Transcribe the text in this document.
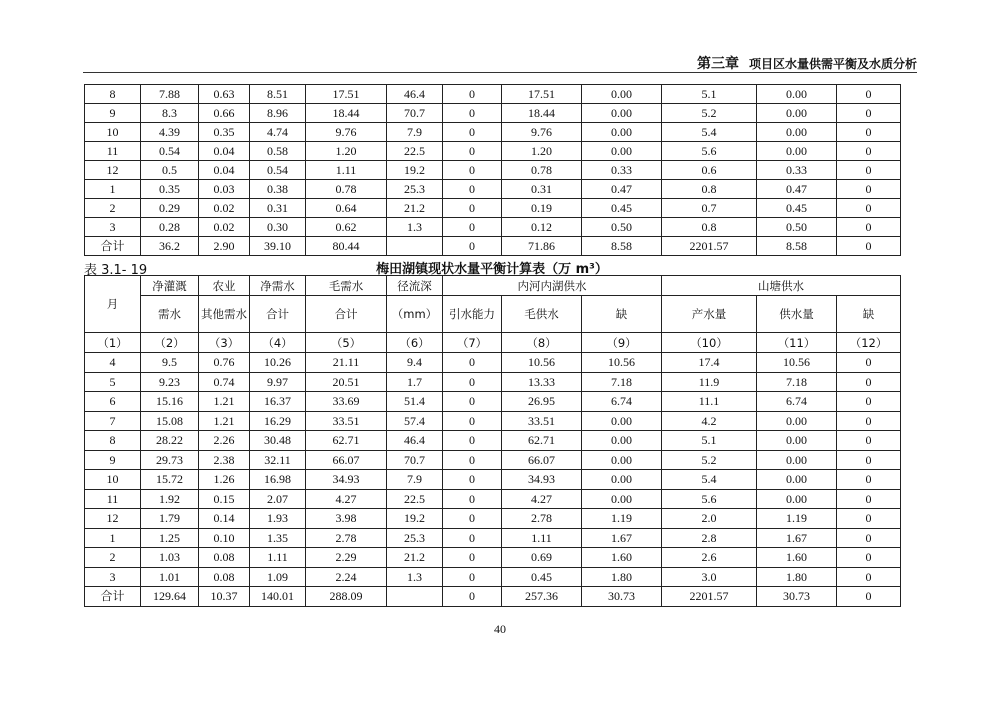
第三章 项目区水量供需平衡及水质分析
8	7.88	0.63	8.51	17.51	46.4	0	17.51	0.00	5.1	0.00	0
9	8.3	0.66	8.96	18.44	70.7	0	18.44	0.00	5.2	0.00	0
10	4.39	0.35	4.74	9.76	7.9	0	9.76	0.00	5.4	0.00	0
11	0.54	0.04	0.58	1.20	22.5	0	1.20	0.00	5.6	0.00	0
12	0.5	0.04	0.54	1.11	19.2	0	0.78	0.33	0.6	0.33	0
1	0.35	0.03	0.38	0.78	25.3	0	0.31	0.47	0.8	0.47	0
2	0.29	0.02	0.31	0.64	21.2	0	0.19	0.45	0.7	0.45	0
3	0.28	0.02	0.30	0.62	1.3	0	0.12	0.50	0.8	0.50	0
合计	36.2	2.90	39.10	80.44		0	71.86	8.58	2201.57	8.58	0
表 3.1- 19	梅田湖镇现状水量平衡计算表（万 m³）
月	净灌溉	农业	净需水	毛需水	径流深	内河内湖供水			山塘供水		
	需水	其他需水	合计	合计	（mm）	引水能力	毛供水	缺	产水量	供水量	缺
（1）	（2）	（3）	（4）	（5）	（6）	（7）	（8）	（9）	（10）	（11）	（12）
4	9.5	0.76	10.26	21.11	9.4	0	10.56	10.56	17.4	10.56	0
5	9.23	0.74	9.97	20.51	1.7	0	13.33	7.18	11.9	7.18	0
6	15.16	1.21	16.37	33.69	51.4	0	26.95	6.74	11.1	6.74	0
7	15.08	1.21	16.29	33.51	57.4	0	33.51	0.00	4.2	0.00	0
8	28.22	2.26	30.48	62.71	46.4	0	62.71	0.00	5.1	0.00	0
9	29.73	2.38	32.11	66.07	70.7	0	66.07	0.00	5.2	0.00	0
10	15.72	1.26	16.98	34.93	7.9	0	34.93	0.00	5.4	0.00	0
11	1.92	0.15	2.07	4.27	22.5	0	4.27	0.00	5.6	0.00	0
12	1.79	0.14	1.93	3.98	19.2	0	2.78	1.19	2.0	1.19	0
1	1.25	0.10	1.35	2.78	25.3	0	1.11	1.67	2.8	1.67	0
2	1.03	0.08	1.11	2.29	21.2	0	0.69	1.60	2.6	1.60	0
3	1.01	0.08	1.09	2.24	1.3	0	0.45	1.80	3.0	1.80	0
合计	129.64	10.37	140.01	288.09		0	257.36	30.73	2201.57	30.73	0
40
